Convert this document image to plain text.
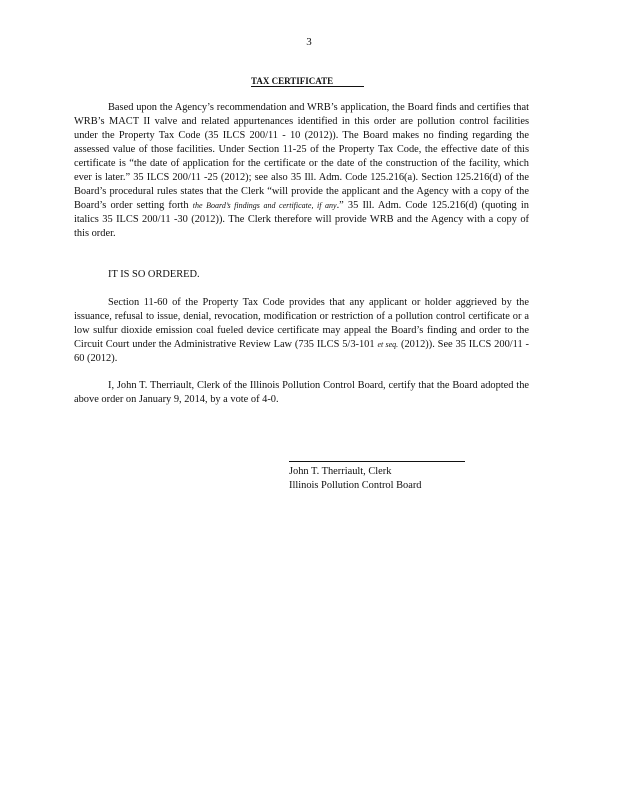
3
TAX CERTIFICATE

Based upon the Agency’s recommendation and WRB’s application, the Board finds and certifies that WRB’s MACT II valve and related appurtenances identified in this order are pollution control facilities under the Property Tax Code (35 ILCS 200/11 - 10 (2012)). The Board makes no finding regarding the assessed value of those facilities. Under Section 11-25 of the Property Tax Code, the effective date of this certificate is “the date of application for the certificate or the date of the construction of the facility, which ever is later.” 35 ILCS 200/11 -25 (2012); see also 35 Ill. Adm. Code 125.216(a). Section 125.216(d) of the Board’s procedural rules states that the Clerk “will provide the applicant and the Agency with a copy of the Board’s order setting forth the Board’s findings and certificate, if any.” 35 Ill. Adm. Code 125.216(d) (quoting in italics 35 ILCS 200/11 -30 (2012)). The Clerk therefore will provide WRB and the Agency with a copy of this order.

IT IS SO ORDERED.

Section 11-60 of the Property Tax Code provides that any applicant or holder aggrieved by the issuance, refusal to issue, denial, revocation, modification or restriction of a pollution control certificate or a low sulfur dioxide emission coal fueled device certificate may appeal the Board’s finding and order to the Circuit Court under the Administrative Review Law (735 ILCS 5/3-101 et seq. (2012)). See 35 ILCS 200/11 - 60 (2012).

I, John T. Therriault, Clerk of the Illinois Pollution Control Board, certify that the Board adopted the above order on January 9, 2014, by a vote of 4-0.

John T. Therriault, Clerk

Illinois Pollution Control Board
